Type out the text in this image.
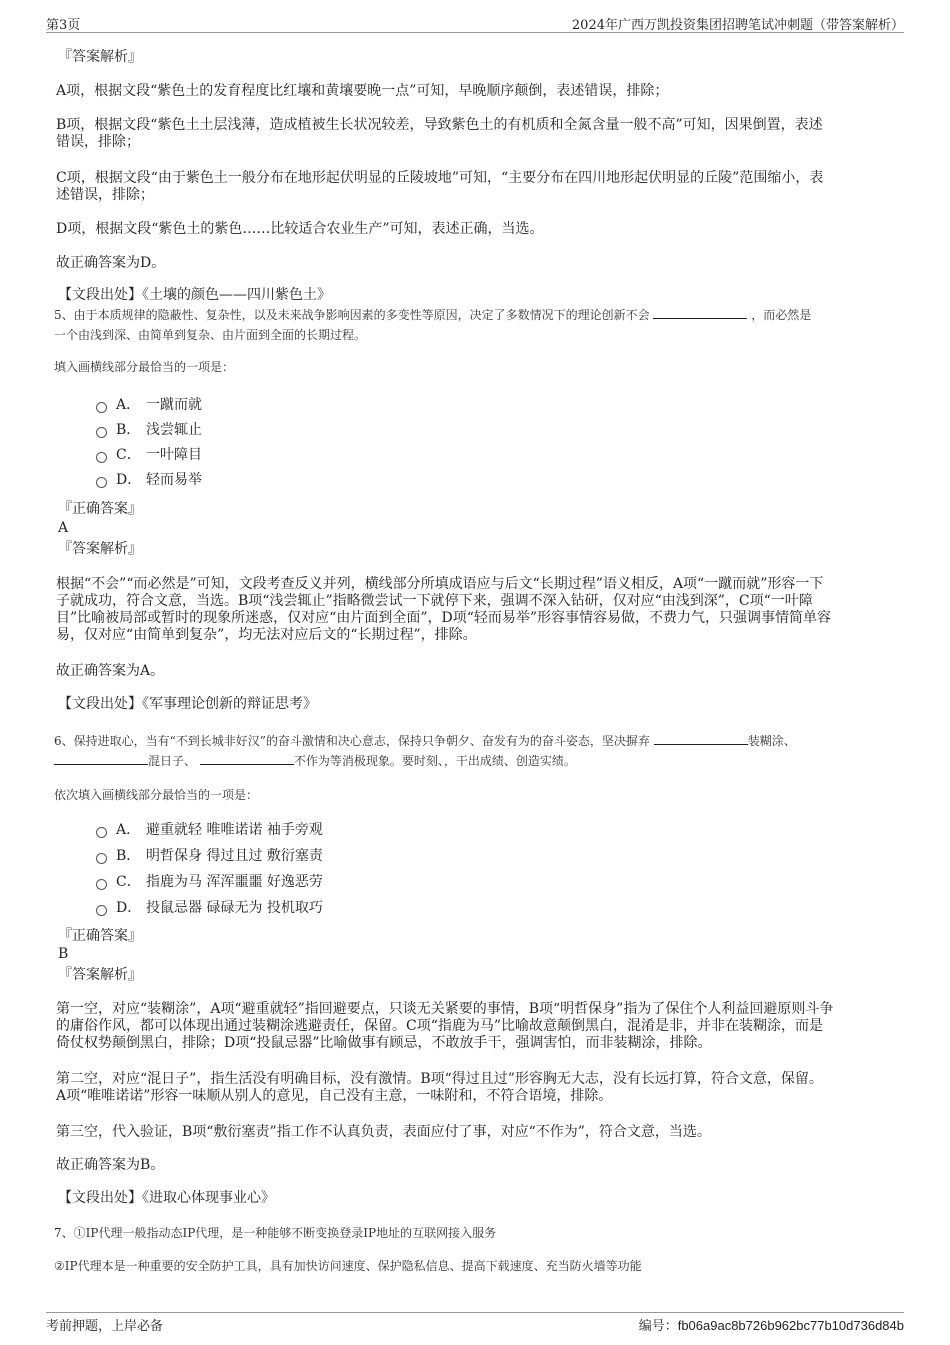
第3页	2024年广西万凯投资集团招聘笔试冲刺题（带答案解析）

『答案解析』

A项，根据文段“紫色土的发育程度比红壤和黄壤要晚一点”可知，早晚顺序颠倒，表述错误，排除；

B项，根据文段“紫色土土层浅薄，造成植被生长状况较差，导致紫色土的有机质和全氮含量一般不高”可知，因果倒置，表述

错误，排除；

C项，根据文段“由于紫色土一般分布在地形起伏明显的丘陵坡地”可知，“主要分布在四川地形起伏明显的丘陵”范围缩小，表

述错误，排除；

D项，根据文段“紫色土的紫色……比较适合农业生产”可知，表述正确，当选。

故正确答案为D。

【文段出处】《土壤的颜色——四川紫色土》

5、由于本质规律的隐蔽性、复杂性，以及未来战争影响因素的多变性等原因，决定了多数情况下的理论创新不会	，而必然是

一个由浅到深、由简单到复杂、由片面到全面的长期过程。

填入画横线部分最恰当的一项是：

A． 一蹴而就
B． 浅尝辄止
C． 一叶障目
D． 轻而易举

『正确答案』

A

『答案解析』

根据“不会”“而必然是”可知，文段考查反义并列，横线部分所填成语应与后文“长期过程”语义相反，A项“一蹴而就”形容一下

子就成功，符合文意，当选。B项“浅尝辄止”指略微尝试一下就停下来，强调不深入钻研，仅对应“由浅到深”，C项“一叶障

目”比喻被局部或暂时的现象所迷惑，仅对应“由片面到全面”，D项“轻而易举”形容事情容易做，不费力气，只强调事情简单容

易，仅对应“由简单到复杂”，均无法对应后文的“长期过程”，排除。

故正确答案为A。

【文段出处】《军事理论创新的辩证思考》

6、保持进取心，当有“不到长城非好汉”的奋斗激情和决心意志，保持只争朝夕、奋发有为的奋斗姿态，坚决摒弃	装糊涂、

混日子、	不作为等消极现象。要时刻、，干出成绩、创造实绩。

依次填入画横线部分最恰当的一项是：

A． 避重就轻 唯唯诺诺 袖手旁观
B． 明哲保身 得过且过 敷衍塞责
C． 指鹿为马 浑浑噩噩 好逸恶劳
D． 投鼠忌器 碌碌无为 投机取巧

『正确答案』

B

『答案解析』

第一空，对应“装糊涂”，A项“避重就轻”指回避要点，只谈无关紧要的事情，B项“明哲保身”指为了保住个人利益回避原则斗争

的庸俗作风，都可以体现出通过装糊涂逃避责任，保留。C项“指鹿为马”比喻故意颠倒黑白，混淆是非，并非在装糊涂，而是

倚仗权势颠倒黑白，排除；D项“投鼠忌器”比喻做事有顾忌，不敢放手干，强调害怕，而非装糊涂，排除。

第二空，对应“混日子”，指生活没有明确目标，没有激情。B项“得过且过”形容胸无大志，没有长远打算，符合文意，保留。

A项“唯唯诺诺”形容一味顺从别人的意见，自己没有主意，一味附和，不符合语境，排除。

第三空，代入验证，B项“敷衍塞责”指工作不认真负责，表面应付了事，对应“不作为”，符合文意，当选。

故正确答案为B。

【文段出处】《进取心体现事业心》

7、①IP代理一般指动态IP代理，是一种能够不断变换登录IP地址的互联网接入服务

②IP代理本是一种重要的安全防护工具，具有加快访问速度、保护隐私信息、提高下载速度、充当防火墙等功能

考前押题，上岸必备	编号：fb06a9ac8b726b962bc77b10d736d84b
